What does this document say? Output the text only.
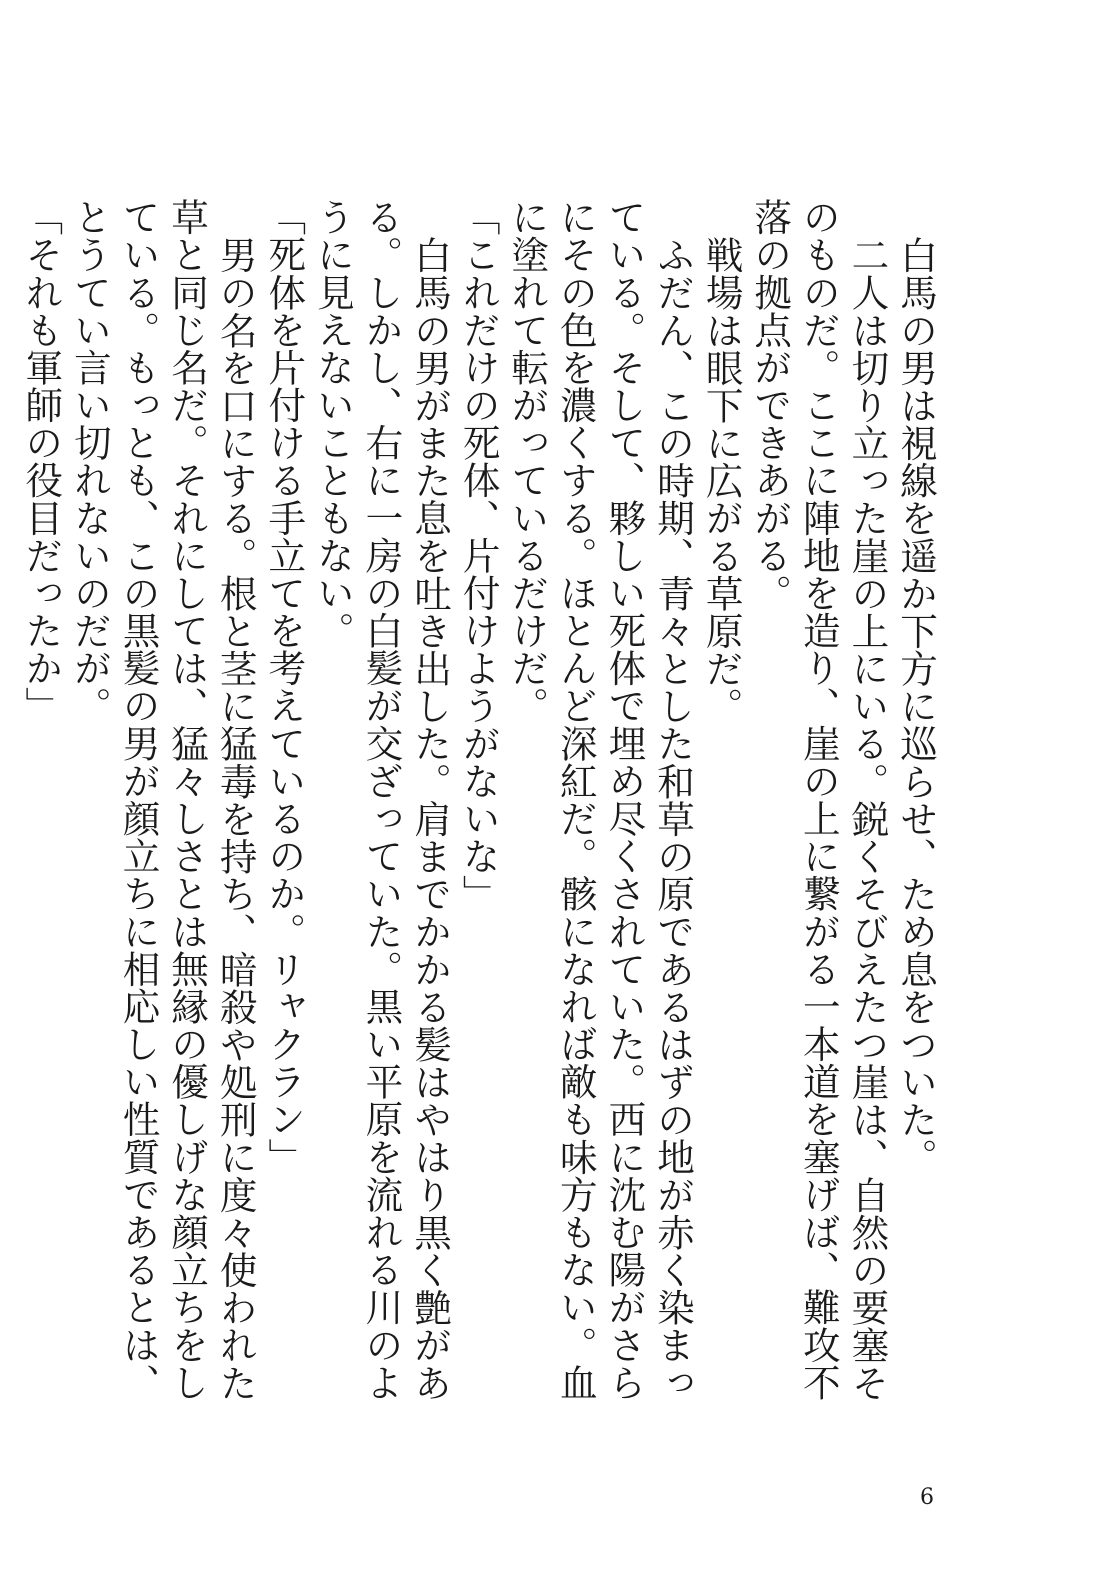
白馬の男は視線を遥か下方に巡らせ、ため息をついた。

二人は切り立った崖の上にいる。鋭くそびえたつ崖は、自然の要塞そのものだ。ここに陣地を造り、崖の上に繋がる一本道を塞げば、難攻不落の拠点ができあがる。

戦場は眼下に広がる草原だ。

ふだん、この時期、青々とした和草の原であるはずの地が赤く染まっている。そして、夥しい死体で埋め尽くされていた。西に沈む陽がさらにその色を濃くする。ほとんど深紅だ。骸になれば敵も味方もない。血に塗れて転がっているだけだ。

「これだけの死体、片付けようがないな」

白馬の男がまた息を吐き出した。肩までかかる髪はやはり黒く艶がある。しかし、右に一房の白髪が交ざっていた。黒い平原を流れる川のように見えないこともない。

「死体を片付ける手立てを考えているのか。リャクラン」

男の名を口にする。根と茎に猛毒を持ち、暗殺や処刑に度々使われた草と同じ名だ。それにしては、猛々しさとは無縁の優しげな顔立ちをしている。もっとも、この黒髪の男が顔立ちに相応しい性質であるとは、とうてい言い切れないのだが。

「それも軍師の役目だったか」

6
